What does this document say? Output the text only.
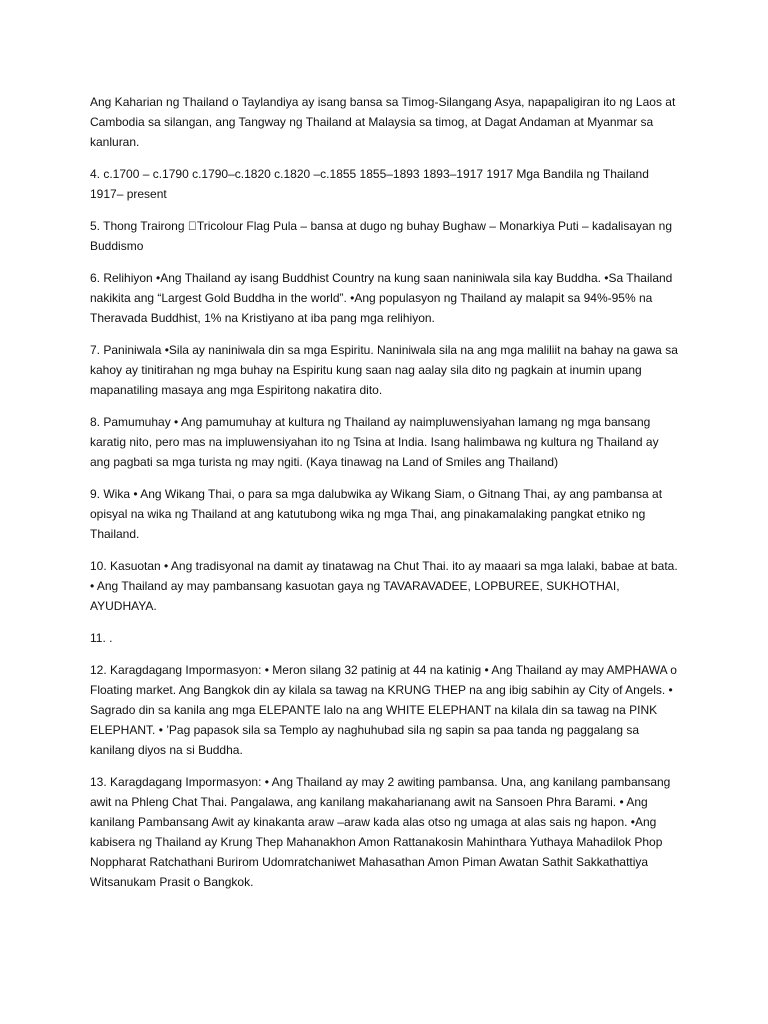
Ang Kaharian ng Thailand o Taylandiya ay isang bansa sa Timog-Silangang Asya, napapaligiran ito ng Laos at Cambodia sa silangan, ang Tangway ng Thailand at Malaysia sa timog, at Dagat Andaman at Myanmar sa kanluran.

4. c.1700 – c.1790 c.1790–c.1820 c.1820 –c.1855 1855–1893 1893–1917 1917 Mga Bandila ng Thailand 1917– present

5. Thong Trairong  Tricolour Flag Pula – bansa at dugo ng buhay Bughaw – Monarkiya Puti – kadalisayan ng Buddismo

6. Relihiyon •Ang Thailand ay isang Buddhist Country na kung saan naniniwala sila kay Buddha. •Sa Thailand nakikita ang “Largest Gold Buddha in the world”. •Ang populasyon ng Thailand ay malapit sa 94%-95% na Theravada Buddhist, 1% na Kristiyano at iba pang mga relihiyon.

7. Paniniwala •Sila ay naniniwala din sa mga Espiritu. Naniniwala sila na ang mga maliliit na bahay na gawa sa kahoy ay tinitirahan ng mga buhay na Espiritu kung saan nag aalay sila dito ng pagkain at inumin upang mapanatiling masaya ang mga Espiritong nakatira dito.

8. Pamumuhay • Ang pamumuhay at kultura ng Thailand ay naimpluwensiyahan lamang ng mga bansang karatig nito, pero mas na impluwensiyahan ito ng Tsina at India. Isang halimbawa ng kultura ng Thailand ay ang pagbati sa mga turista ng may ngiti. (Kaya tinawag na Land of Smiles ang Thailand)

9. Wika • Ang Wikang Thai, o para sa mga dalubwika ay Wikang Siam, o Gitnang Thai, ay ang pambansa at opisyal na wika ng Thailand at ang katutubong wika ng mga Thai, ang pinakamalaking pangkat etniko ng Thailand.

10. Kasuotan • Ang tradisyonal na damit ay tinatawag na Chut Thai. ito ay maaari sa mga lalaki, babae at bata. • Ang Thailand ay may pambansang kasuotan gaya ng TAVARAVADEE, LOPBUREE, SUKHOTHAI, AYUDHAYA.

11. .

12. Karagdagang Impormasyon: • Meron silang 32 patinig at 44 na katinig • Ang Thailand ay may AMPHAWA o Floating market. Ang Bangkok din ay kilala sa tawag na KRUNG THEP na ang ibig sabihin ay City of Angels. • Sagrado din sa kanila ang mga ELEPANTE lalo na ang WHITE ELEPHANT na kilala din sa tawag na PINK ELEPHANT. • ’Pag papasok sila sa Templo ay naghuhubad sila ng sapin sa paa tanda ng paggalang sa kanilang diyos na si Buddha.

13. Karagdagang Impormasyon: • Ang Thailand ay may 2 awiting pambansa. Una, ang kanilang pambansang awit na Phleng Chat Thai. Pangalawa, ang kanilang makaharianang awit na Sansoen Phra Barami. • Ang kanilang Pambansang Awit ay kinakanta araw –araw kada alas otso ng umaga at alas sais ng hapon. •Ang kabisera ng Thailand ay Krung Thep Mahanakhon Amon Rattanakosin Mahinthara Yuthaya Mahadilok Phop Noppharat Ratchathani Burirom Udomratchaniwet Mahasathan Amon Piman Awatan Sathit Sakkathattiya Witsanukam Prasit o Bangkok.
